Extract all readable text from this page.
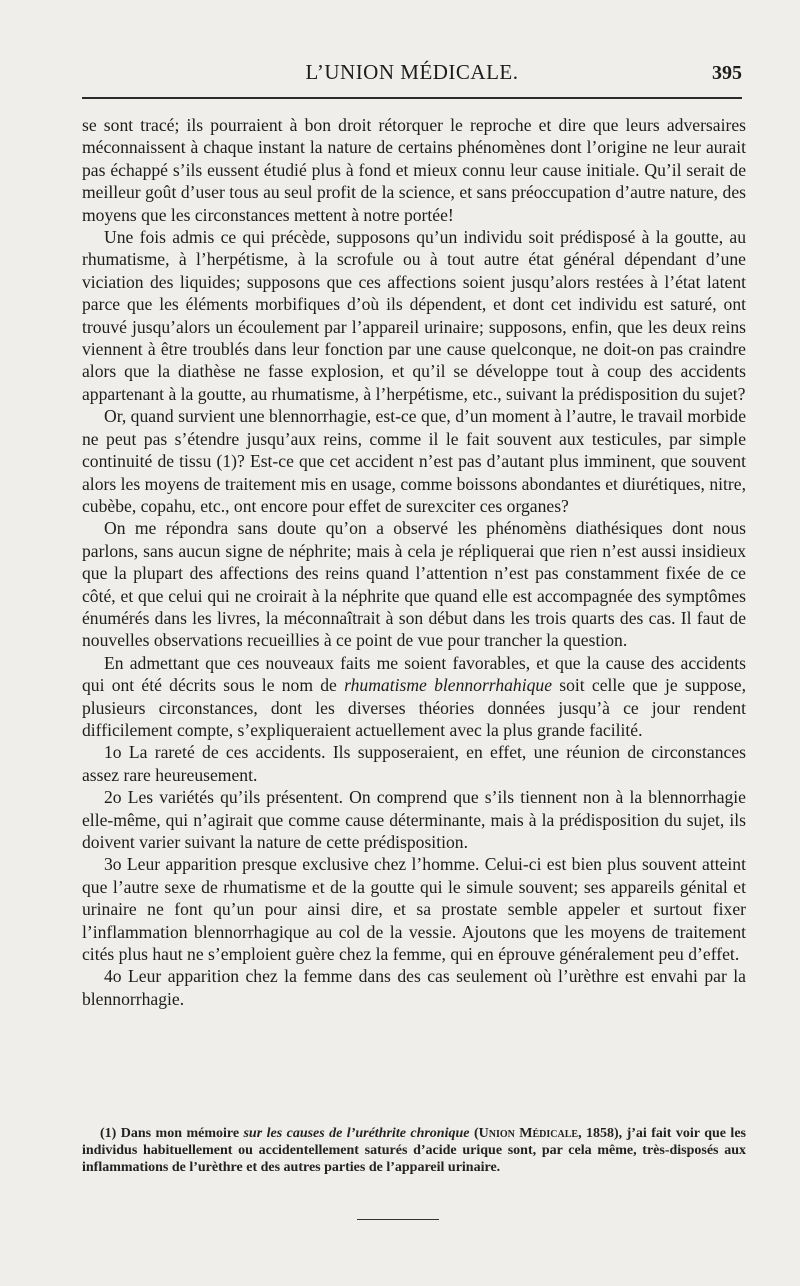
L’UNION MÉDICALE.	395

se sont tracé; ils pourraient à bon droit rétorquer le reproche et dire que leurs adversaires méconnaissent à chaque instant la nature de certains phénomènes dont l’origine ne leur aurait pas échappé s’ils eussent étudié plus à fond et mieux connu leur cause initiale. Qu’il serait de meilleur goût d’user tous au seul profit de la science, et sans préoccupation d’autre nature, des moyens que les circonstances mettent à notre portée!

Une fois admis ce qui précède, supposons qu’un individu soit prédisposé à la goutte, au rhumatisme, à l’herpétisme, à la scrofule ou à tout autre état général dépendant d’une viciation des liquides; supposons que ces affections soient jusqu’alors restées à l’état latent parce que les éléments morbifiques d’où ils dépendent, et dont cet individu est saturé, ont trouvé jusqu’alors un écoulement par l’appareil urinaire; supposons, enfin, que les deux reins viennent à être troublés dans leur fonction par une cause quelconque, ne doit-on pas craindre alors que la diathèse ne fasse explosion, et qu’il se développe tout à coup des accidents appartenant à la goutte, au rhumatisme, à l’herpétisme, etc., suivant la prédisposition du sujet?

Or, quand survient une blennorrhagie, est-ce que, d’un moment à l’autre, le travail morbide ne peut pas s’étendre jusqu’aux reins, comme il le fait souvent aux testicules, par simple continuité de tissu (1)? Est-ce que cet accident n’est pas d’autant plus imminent, que souvent alors les moyens de traitement mis en usage, comme boissons abondantes et diurétiques, nitre, cubèbe, copahu, etc., ont encore pour effet de surexciter ces organes?

On me répondra sans doute qu’on a observé les phénomèns diathésiques dont nous parlons, sans aucun signe de néphrite; mais à cela je répliquerai que rien n’est aussi insidieux que la plupart des affections des reins quand l’attention n’est pas constamment fixée de ce côté, et que celui qui ne croirait à la néphrite que quand elle est accompagnée des symptômes énumérés dans les livres, la méconnaîtrait à son début dans les trois quarts des cas. Il faut de nouvelles observations recueillies à ce point de vue pour trancher la question.

En admettant que ces nouveaux faits me soient favorables, et que la cause des accidents qui ont été décrits sous le nom de rhumatisme blennorrhahique soit celle que je suppose, plusieurs circonstances, dont les diverses théories données jusqu’à ce jour rendent difficilement compte, s’expliqueraient actuellement avec la plus grande facilité.

1o La rareté de ces accidents. Ils supposeraient, en effet, une réunion de circonstances assez rare heureusement.

2o Les variétés qu’ils présentent. On comprend que s’ils tiennent non à la blennorrhagie elle-même, qui n’agirait que comme cause déterminante, mais à la prédisposition du sujet, ils doivent varier suivant la nature de cette prédisposition.

3o Leur apparition presque exclusive chez l’homme. Celui-ci est bien plus souvent atteint que l’autre sexe de rhumatisme et de la goutte qui le simule souvent; ses appareils génital et urinaire ne font qu’un pour ainsi dire, et sa prostate semble appeler et surtout fixer l’inflammation blennorrhagique au col de la vessie. Ajoutons que les moyens de traitement cités plus haut ne s’emploient guère chez la femme, qui en éprouve généralement peu d’effet.

4o Leur apparition chez la femme dans des cas seulement où l’urèthre est envahi par la blennorrhagie.

(1) Dans mon mémoire sur les causes de l’uréthrite chronique (Union Médicale, 1858), j’ai fait voir que les individus habituellement ou accidentellement saturés d’acide urique sont, par cela même, très-disposés aux inflammations de l’urèthre et des autres parties de l’appareil urinaire.
